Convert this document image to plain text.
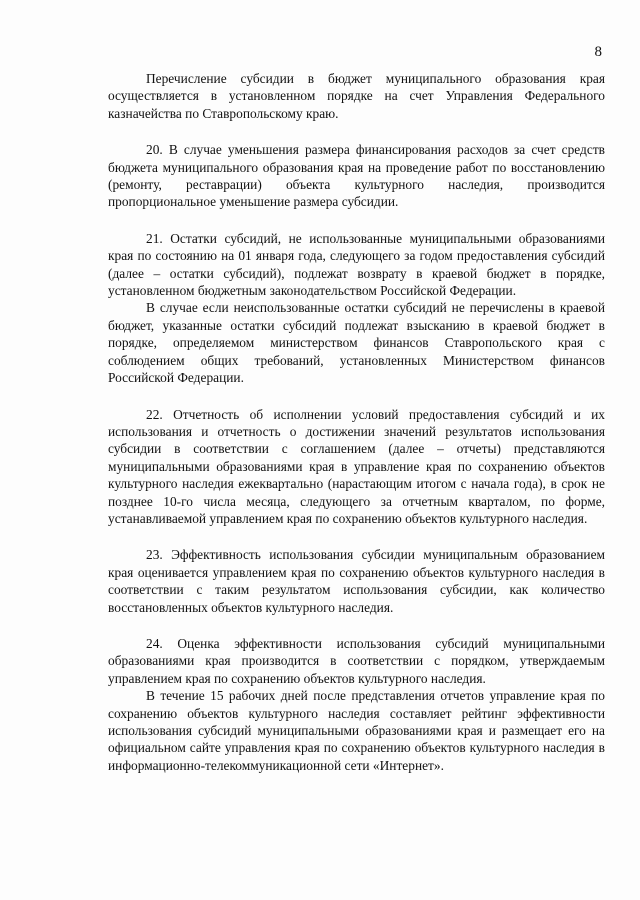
8

Перечисление субсидии в бюджет муниципального образования края осуществляется в установленном порядке на счет Управления Федерального казначейства по Ставропольскому краю.

20. В случае уменьшения размера финансирования расходов за счет средств бюджета муниципального образования края на проведение работ по восстановлению (ремонту, реставрации) объекта культурного наследия, производится пропорциональное уменьшение размера субсидии.

21. Остатки субсидий, не использованные муниципальными образованиями края по состоянию на 01 января года, следующего за годом предоставления субсидий (далее – остатки субсидий), подлежат возврату в краевой бюджет в порядке, установленном бюджетным законодательством Российской Федерации.

В случае если неиспользованные остатки субсидий не перечислены в краевой бюджет, указанные остатки субсидий подлежат взысканию в краевой бюджет в порядке, определяемом министерством финансов Ставропольского края с соблюдением общих требований, установленных Министерством финансов Российской Федерации.

22. Отчетность об исполнении условий предоставления субсидий и их использования и отчетность о достижении значений результатов использования субсидии в соответствии с соглашением (далее – отчеты) представляются муниципальными образованиями края в управление края по сохранению объектов культурного наследия ежеквартально (нарастающим итогом с начала года), в срок не позднее 10-го числа месяца, следующего за отчетным кварталом, по форме, устанавливаемой управлением края по сохранению объектов культурного наследия.

23. Эффективность использования субсидии муниципальным образованием края оценивается управлением края по сохранению объектов культурного наследия в соответствии с таким результатом использования субсидии, как количество восстановленных объектов культурного наследия.

24. Оценка эффективности использования субсидий муниципальными образованиями края производится в соответствии с порядком, утверждаемым управлением края по сохранению объектов культурного наследия.

В течение 15 рабочих дней после представления отчетов управление края по сохранению объектов культурного наследия составляет рейтинг эффективности использования субсидий муниципальными образованиями края и размещает его на официальном сайте управления края по сохранению объектов культурного наследия в информационно-телекоммуникационной сети «Интернет».
